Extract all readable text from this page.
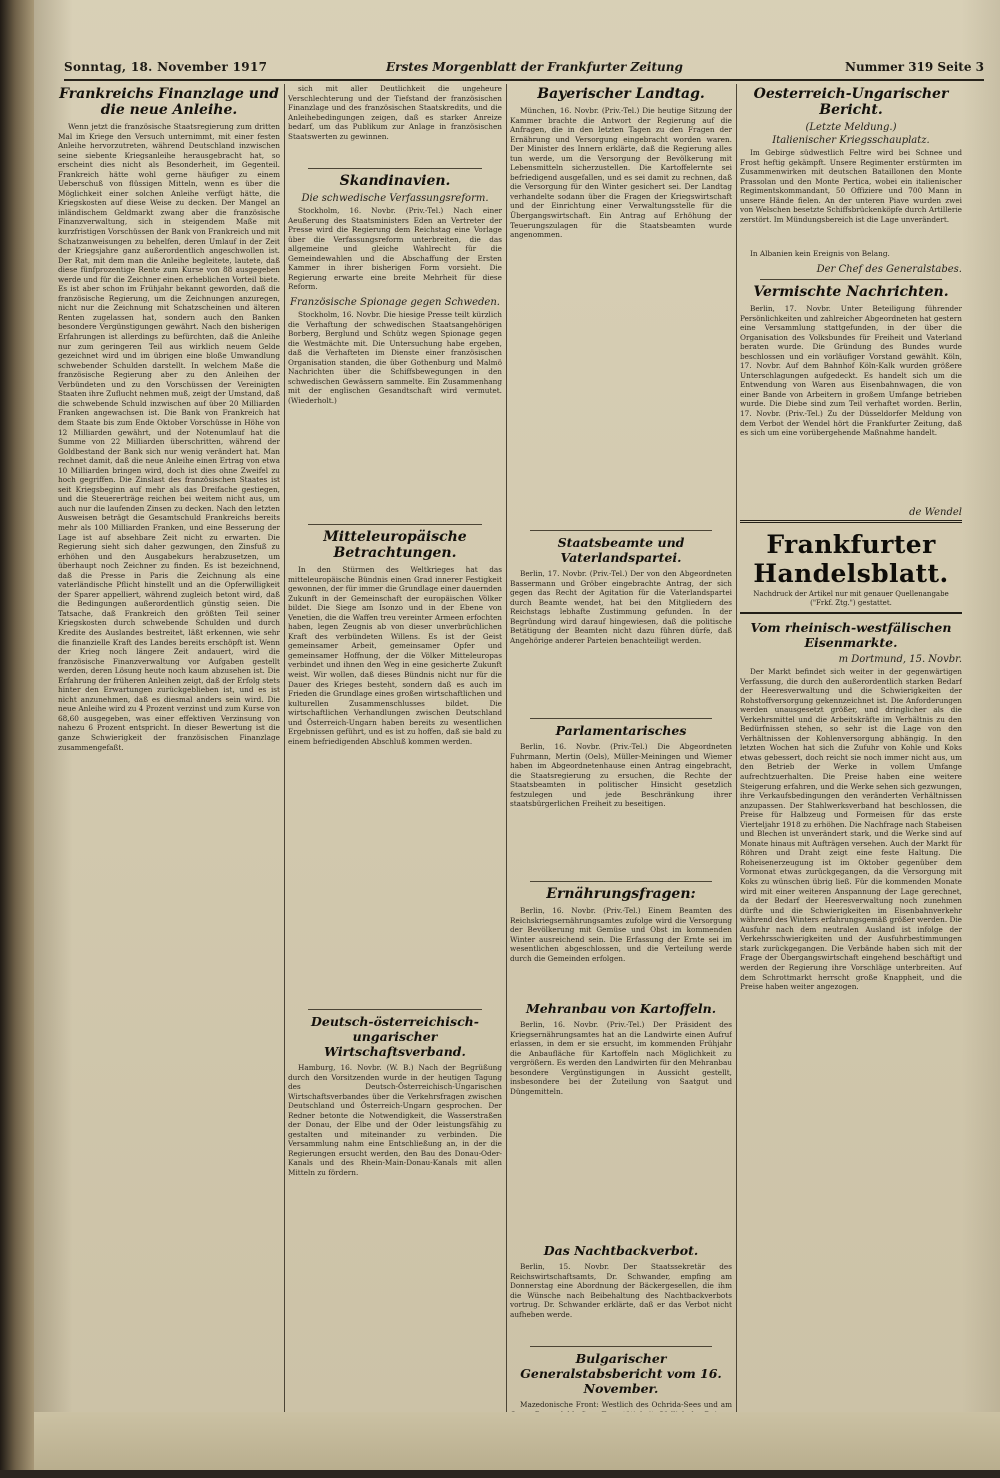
Sonntag, 18. November 1917	Erstes Morgenblatt der Frankfurter Zeitung	Nummer 319 Seite 3
Frankreichs Finanzlage und die neue Anleihe.

Wenn jetzt die französische Staatsregierung zum dritten Mal im Kriege den Versuch unternimmt, mit einer festen Anleihe hervorzutreten, während Deutschland inzwischen seine siebente Kriegsanleihe herausgebracht hat, so erscheint dies nicht als Besonderheit, im Gegenteil. Frankreich hätte wohl gerne häufiger zu einem Ueberschuß von flüssigen Mitteln, wenn es über die Möglichkeit einer solchen Anleihe verfügt hätte, die Kriegskosten auf diese Weise zu decken. Der Mangel an inländischem Geldmarkt zwang aber die französische Finanzverwaltung, sich in steigendem Maße mit kurzfristigen Vorschüssen der Bank von Frankreich und mit Schatzanweisungen zu behelfen, deren Umlauf in der Zeit der Kriegsjahre ganz außerordentlich angeschwollen ist. Der Rat, mit dem man die Anleihe begleitete, lautete, daß diese fünfprozentige Rente zum Kurse von 88 ausgegeben werde und für die Zeichner einen erheblichen Vorteil biete. Es ist aber schon im Frühjahr bekannt geworden, daß die französische Regierung, um die Zeichnungen anzuregen, nicht nur die Zeichnung mit Schatzscheinen und älteren Renten zugelassen hat, sondern auch den Banken besondere Vergünstigungen gewährt. Nach den bisherigen Erfahrungen ist allerdings zu befürchten, daß die Anleihe nur zum geringeren Teil aus wirklich neuem Gelde gezeichnet wird und im übrigen eine bloße Umwandlung schwebender Schulden darstellt. In welchem Maße die französische Regierung aber zu den Anleihen der Verbündeten und zu den Vorschüssen der Vereinigten Staaten ihre Zuflucht nehmen muß, zeigt der Umstand, daß die schwebende Schuld inzwischen auf über 20 Milliarden Franken angewachsen ist. Die Bank von Frankreich hat dem Staate bis zum Ende Oktober Vorschüsse in Höhe von 12 Milliarden gewährt, und der Notenumlauf hat die Summe von 22 Milliarden überschritten, während der Goldbestand der Bank sich nur wenig verändert hat. Man rechnet damit, daß die neue Anleihe einen Ertrag von etwa 10 Milliarden bringen wird, doch ist dies ohne Zweifel zu hoch gegriffen. Die Zinslast des französischen Staates ist seit Kriegsbeginn auf mehr als das Dreifache gestiegen, und die Steuererträge reichen bei weitem nicht aus, um auch nur die laufenden Zinsen zu decken. Nach den letzten Ausweisen beträgt die Gesamtschuld Frankreichs bereits mehr als 100 Milliarden Franken, und eine Besserung der Lage ist auf absehbare Zeit nicht zu erwarten. Die Regierung sieht sich daher gezwungen, den Zinsfuß zu erhöhen und den Ausgabekurs herabzusetzen, um überhaupt noch Zeichner zu finden. Es ist bezeichnend, daß die Presse in Paris die Zeichnung als eine vaterländische Pflicht hinstellt und an die Opferwilligkeit der Sparer appelliert, während zugleich betont wird, daß die Bedingungen außerordentlich günstig seien. Die Tatsache, daß Frankreich den größten Teil seiner Kriegskosten durch schwebende Schulden und durch Kredite des Auslandes bestreitet, läßt erkennen, wie sehr die finanzielle Kraft des Landes bereits erschöpft ist. Wenn der Krieg noch längere Zeit andauert, wird die französische Finanzverwaltung vor Aufgaben gestellt werden, deren Lösung heute noch kaum abzusehen ist. Die Erfahrung der früheren Anleihen zeigt, daß der Erfolg stets hinter den Erwartungen zurückgeblieben ist, und es ist nicht anzunehmen, daß es diesmal anders sein wird. Die neue Anleihe wird zu 4 Prozent verzinst und zum Kurse von 68,60 ausgegeben, was einer effektiven Verzinsung von nahezu 6 Prozent entspricht. In dieser Bewertung ist die ganze Schwierigkeit der französischen Finanzlage zusammengefaßt.

sich mit aller Deutlichkeit die ungeheure Verschlechterung und der Tiefstand der französischen Finanzlage und des französischen Staatskredits, und die Anleihebedingungen zeigen, daß es starker Anreize bedarf, um das Publikum zur Anlage in französischen Staatswerten zu gewinnen.

Skandinavien.
Die schwedische Verfassungsreform.

Stockholm, 16. Novbr. (Priv.-Tel.) Nach einer Aeußerung des Staatsministers Eden an Vertreter der Presse wird die Regierung dem Reichstag eine Vorlage über die Verfassungsreform unterbreiten, die das allgemeine und gleiche Wahlrecht für die Gemeindewahlen und die Abschaffung der Ersten Kammer in ihrer bisherigen Form vorsieht. Die Regierung erwarte eine breite Mehrheit für diese Reform.

Französische Spionage gegen Schweden.

Stockholm, 16. Novbr. Die hiesige Presse teilt kürzlich die Verhaftung der schwedischen Staatsangehörigen Borberg, Berglund und Schütz wegen Spionage gegen die Westmächte mit. Die Untersuchung habe ergeben, daß die Verhafteten im Dienste einer französischen Organisation standen, die über Gothenburg und Malmö Nachrichten über die Schiffsbewegungen in den schwedischen Gewässern sammelte. Ein Zusammenhang mit der englischen Gesandtschaft wird vermutet. (Wiederholt.)

Mitteleuropäische Betrachtungen.

In den Stürmen des Weltkrieges hat das mitteleuropäische Bündnis einen Grad innerer Festigkeit gewonnen, der für immer die Grundlage einer dauernden Zukunft in der Gemeinschaft der europäischen Völker bildet. Die Siege am Isonzo und in der Ebene von Venetien, die die Waffen treu vereinter Armeen erfochten haben, legen Zeugnis ab von dieser unverbrüchlichen Kraft des verbündeten Willens. Es ist der Geist gemeinsamer Arbeit, gemeinsamer Opfer und gemeinsamer Hoffnung, der die Völker Mitteleuropas verbindet und ihnen den Weg in eine gesicherte Zukunft weist. Wir wollen, daß dieses Bündnis nicht nur für die Dauer des Krieges besteht, sondern daß es auch im Frieden die Grundlage eines großen wirtschaftlichen und kulturellen Zusammenschlusses bildet. Die wirtschaftlichen Verhandlungen zwischen Deutschland und Österreich-Ungarn haben bereits zu wesentlichen Ergebnissen geführt, und es ist zu hoffen, daß sie bald zu einem befriedigenden Abschluß kommen werden.

Deutsch-österreichisch-ungarischer Wirtschaftsverband.

Hamburg, 16. Novbr. (W. B.) Nach der Begrüßung durch den Vorsitzenden wurde in der heutigen Tagung des Deutsch-Österreichisch-Ungarischen Wirtschaftsverbandes über die Verkehrsfragen zwischen Deutschland und Österreich-Ungarn gesprochen. Der Redner betonte die Notwendigkeit, die Wasserstraßen der Donau, der Elbe und der Oder leistungsfähig zu gestalten und miteinander zu verbinden. Die Versammlung nahm eine Entschließung an, in der die Regierungen ersucht werden, den Bau des Donau-Oder-Kanals und des Rhein-Main-Donau-Kanals mit allen Mitteln zu fördern.

Bayerischer Landtag.

München, 16. Novbr. (Priv.-Tel.) Die heutige Sitzung der Kammer brachte die Antwort der Regierung auf die Anfragen, die in den letzten Tagen zu den Fragen der Ernährung und Versorgung eingebracht worden waren. Der Minister des Innern erklärte, daß die Regierung alles tun werde, um die Versorgung der Bevölkerung mit Lebensmitteln sicherzustellen. Die Kartoffelernte sei befriedigend ausgefallen, und es sei damit zu rechnen, daß die Versorgung für den Winter gesichert sei. Der Landtag verhandelte sodann über die Fragen der Kriegswirtschaft und der Einrichtung einer Verwaltungsstelle für die Übergangswirtschaft. Ein Antrag auf Erhöhung der Teuerungszulagen für die Staatsbeamten wurde angenommen.

Staatsbeamte und Vaterlandspartei.

Berlin, 17. Novbr. (Priv.-Tel.) Der von den Abgeordneten Bassermann und Gröber eingebrachte Antrag, der sich gegen das Recht der Agitation für die Vaterlandspartei durch Beamte wendet, hat bei den Mitgliedern des Reichstags lebhafte Zustimmung gefunden. In der Begründung wird darauf hingewiesen, daß die politische Betätigung der Beamten nicht dazu führen dürfe, daß Angehörige anderer Parteien benachteiligt werden.

Parlamentarisches

Berlin, 16. Novbr. (Priv.-Tel.) Die Abgeordneten Fuhrmann, Mertin (Oels), Müller-Meiningen und Wiemer haben im Abgeordnetenhause einen Antrag eingebracht, die Staatsregierung zu ersuchen, die Rechte der Staatsbeamten in politischer Hinsicht gesetzlich festzulegen und jede Beschränkung ihrer staatsbürgerlichen Freiheit zu beseitigen.

Ernährungsfragen:

Berlin, 16. Novbr. (Priv.-Tel.) Einem Beamten des Reichskriegsernährungsamtes zufolge wird die Versorgung der Bevölkerung mit Gemüse und Obst im kommenden Winter ausreichend sein. Die Erfassung der Ernte sei im wesentlichen abgeschlossen, und die Verteilung werde durch die Gemeinden erfolgen.

Mehranbau von Kartoffeln.

Berlin, 16. Novbr. (Priv.-Tel.) Der Präsident des Kriegsernährungsamtes hat an die Landwirte einen Aufruf erlassen, in dem er sie ersucht, im kommenden Frühjahr die Anbaufläche für Kartoffeln nach Möglichkeit zu vergrößern. Es werden den Landwirten für den Mehranbau besondere Vergünstigungen in Aussicht gestellt, insbesondere bei der Zuteilung von Saatgut und Düngemitteln.

Das Nachtbackverbot.

Berlin, 15. Novbr. Der Staatssekretär des Reichswirtschaftsamts, Dr. Schwander, empfing am Donnerstag eine Abordnung der Bäckergesellen, die ihm die Wünsche nach Beibehaltung des Nachtbackverbots vortrug. Dr. Schwander erklärte, daß er das Verbot nicht aufheben werde.

Bulgarischer Generalstabsbericht vom 16. November.

Mazedonische Front: Westlich des Ochrida-Sees und am

Oesterreich-Ungarischer Bericht.
(Letzte Meldung.)
Italienischer Kriegsschauplatz.

Im Gebirge südwestlich Feltre wird bei Schnee und Frost heftig gekämpft. Unsere Regimenter erstürmten im Zusammenwirken mit deutschen Bataillonen den Monte Prassolan und den Monte Pertica, wobei ein italienischer Regimentskommandant, 50 Offiziere und 700 Mann in unsere Hände fielen. An der unteren Piave wurden zwei von Welschen besetzte Schiffsbrückenköpfe durch Artillerie zerstört. Im Mündungsbereich ist die Lage unverändert.

In Albanien kein Ereignis von Belang.

Der Chef des Generalstabes.
Vermischte Nachrichten.

Berlin, 17. Novbr. Unter Beteiligung führender Persönlichkeiten und zahlreicher Abgeordneten hat gestern eine Versammlung stattgefunden, in der über die Organisation des Volksbundes für Freiheit und Vaterland beraten wurde. Die Gründung des Bundes wurde beschlossen und ein vorläufiger Vorstand gewählt. Köln, 17. Novbr. Auf dem Bahnhof Köln-Kalk wurden größere Unterschlagungen aufgedeckt. Es handelt sich um die Entwendung von Waren aus Eisenbahnwagen, die von einer Bande von Arbeitern in großem Umfange betrieben wurde. Die Diebe sind zum Teil verhaftet worden. Berlin, 17. Novbr. (Priv.-Tel.) Zu der Düsseldorfer Meldung von dem Verbot der Wendel hört die Frankfurter Zeitung, daß es sich um eine vorübergehende Maßnahme handelt.

de Wendel
Frankfurter Handelsblatt.
Nachdruck der Artikel nur mit genauer Quellenangabe ("Frkf. Ztg.") gestattet.
Vom rheinisch-westfälischen Eisenmarkte.
m Dortmund, 15. Novbr.

Der Markt befindet sich weiter in der gegenwärtigen Verfassung, die durch den außerordentlich starken Bedarf der Heeresverwaltung und die Schwierigkeiten der Rohstoffversorgung gekennzeichnet ist. Die Anforderungen werden unausgesetzt größer, und dringlicher als die Verkehrsmittel und die Arbeitskräfte im Verhältnis zu den Bedürfnissen stehen, so sehr ist die Lage von den Verhältnissen der Kohlenversorgung abhängig. In den letzten Wochen hat sich die Zufuhr von Kohle und Koks etwas gebessert, doch reicht sie noch immer nicht aus, um den Betrieb der Werke in vollem Umfange aufrechtzuerhalten. Die Preise haben eine weitere Steigerung erfahren, und die Werke sehen sich gezwungen, ihre Verkaufsbedingungen den veränderten Verhältnissen anzupassen. Der Stahlwerksverband hat beschlossen, die Preise für Halbzeug und Formeisen für das erste Vierteljahr 1918 zu erhöhen. Die Nachfrage nach Stabeisen und Blechen ist unverändert stark, und die Werke sind auf Monate hinaus mit Aufträgen versehen. Auch der Markt für Röhren und Draht zeigt eine feste Haltung. Die Roheisenerzeugung ist im Oktober gegenüber dem Vormonat etwas zurückgegangen, da die Versorgung mit Koks zu wünschen übrig ließ. Für die kommenden Monate wird mit einer weiteren Anspannung der Lage gerechnet, da der Bedarf der Heeresverwaltung noch zunehmen dürfte und die Schwierigkeiten im Eisenbahnverkehr während des Winters erfahrungsgemäß größer werden. Die Ausfuhr nach dem neutralen Ausland ist infolge der Verkehrsschwierigkeiten und der Ausfuhrbestimmungen stark zurückgegangen. Die Verbände haben sich mit der Frage der Übergangswirtschaft eingehend beschäftigt und werden der Regierung ihre Vorschläge unterbreiten. Auf dem Schrottmarkt herrscht große Knappheit, und die Preise haben weiter angezogen.
